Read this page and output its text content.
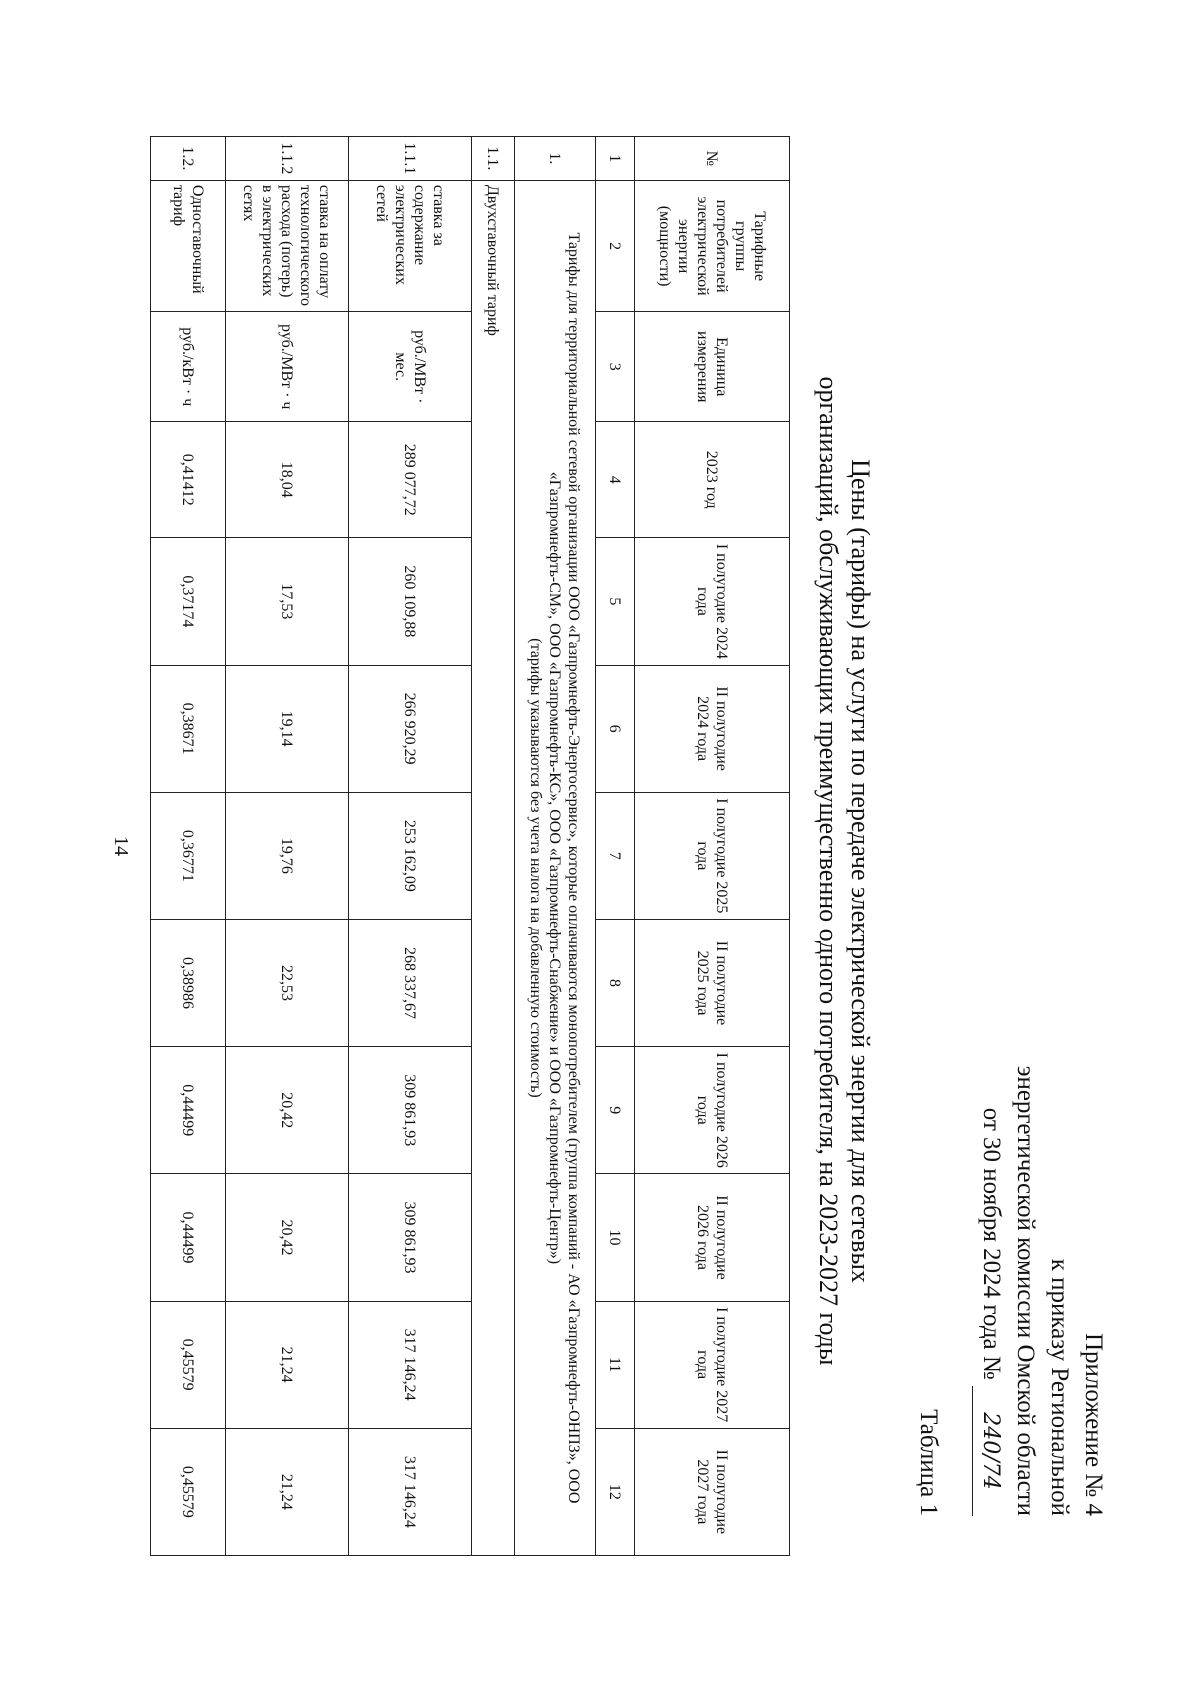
14
Приложение № 4
к приказу Региональной
энергетической комиссии Омской области
от 30 ноября 2024 года № 240/74
Таблица 1
Цены (тарифы) на услуги по передаче электрической энергии для сетевых
организаций, обслуживающих преимущественно одного потребителя, на 2023-2027 годы
№	Тарифные группы потребителей электрической энергии (мощности)	Единица измерения	2023 год	I полугодие 2024 года	II полугодие 2024 года	I полугодие 2025 года	II полугодие 2025 года	I полугодие 2026 года	II полугодие 2026 года	I полугодие 2027 года	II полугодие 2027 года
1	2	3	4	5	6	7	8	9	10	11	12
1.	Тарифы для территориальной сетевой организации ООО «Газпромнефть-Энергосервис», которые оплачиваются монопотребителем (группа компаний - АО «Газпромнефть-ОНПЗ», ООО «Газпромнефть-СМ», ООО «Газпромнефть-КС», ООО «Газпромнефть-Снабжение» и ООО «Газпромнефть-Центр»)
(тарифы указываются без учета налога на добавленную стоимость)										
1.1.	Двухставочный тариф										
1.1.1	ставка за содержание электрических сетей	руб./МВт · мес.	289 077,72	260 109,88	266 920,29	253 162,09	268 337,67	309 861,93	309 861,93	317 146,24	317 146,24
1.1.2	ставка на оплату технологического расхода (потерь) в электрических сетях	руб./МВт · ч	18,04	17,53	19,14	19,76	22,53	20,42	20,42	21,24	21,24
1.2.	Одноставочный тариф	руб./кВт · ч	0,41412	0,37174	0,38671	0,36771	0,38986	0,44499	0,44499	0,45579	0,45579
